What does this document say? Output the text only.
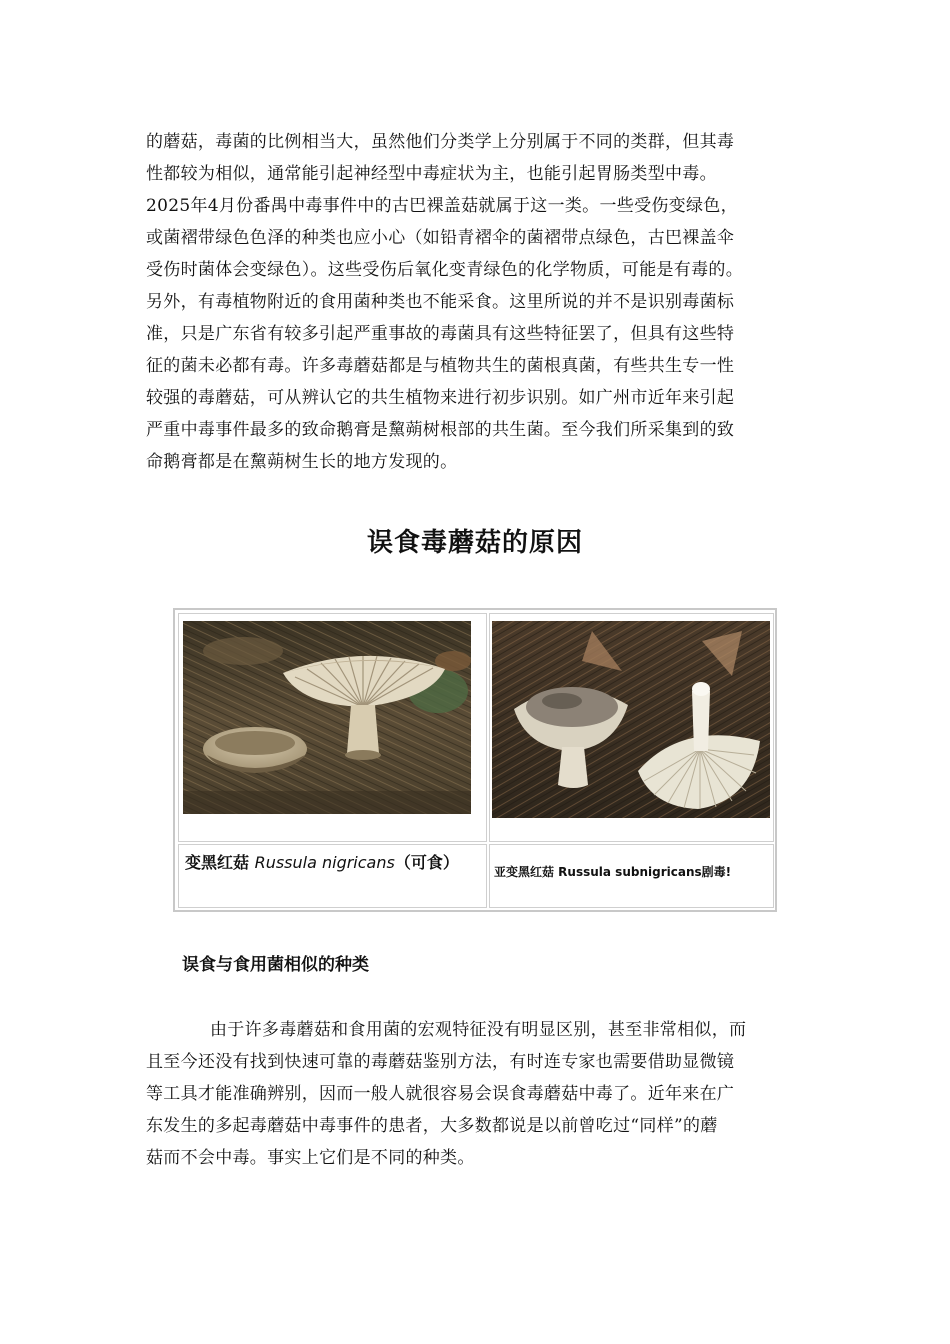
的蘑菇，毒菌的比例相当大，虽然他们分类学上分别属于不同的类群，但其毒
性都较为相似，通常能引起神经型中毒症状为主，也能引起胃肠类型中毒。
2025年4月份番禺中毒事件中的古巴裸盖菇就属于这一类。一些受伤变绿色，
或菌褶带绿色色泽的种类也应小心（如铅青褶伞的菌褶带点绿色，古巴裸盖伞
受伤时菌体会变绿色）。这些受伤后氧化变青绿色的化学物质，可能是有毒的。
另外，有毒植物附近的食用菌种类也不能采食。这里所说的并不是识别毒菌标
准，只是广东省有较多引起严重事故的毒菌具有这些特征罢了，但具有这些特
征的菌未必都有毒。许多毒蘑菇都是与植物共生的菌根真菌，有些共生专一性
较强的毒蘑菇，可从辨认它的共生植物来进行初步识别。如广州市近年来引起
严重中毒事件最多的致命鹅膏是黧蒴树根部的共生菌。至今我们所采集到的致
命鹅膏都是在黧蒴树生长的地方发现的。
误食毒蘑菇的原因
变黑红菇 Russula nigricans（可食）	亚变黑红菇 Russula subnigricans剧毒!
误食与食用菌相似的种类
由于许多毒蘑菇和食用菌的宏观特征没有明显区别，甚至非常相似，而
且至今还没有找到快速可靠的毒蘑菇鉴别方法，有时连专家也需要借助显微镜
等工具才能准确辨别，因而一般人就很容易会误食毒蘑菇中毒了。近年来在广
东发生的多起毒蘑菇中毒事件的患者，大多数都说是以前曾吃过“同样”的蘑
菇而不会中毒。事实上它们是不同的种类。
